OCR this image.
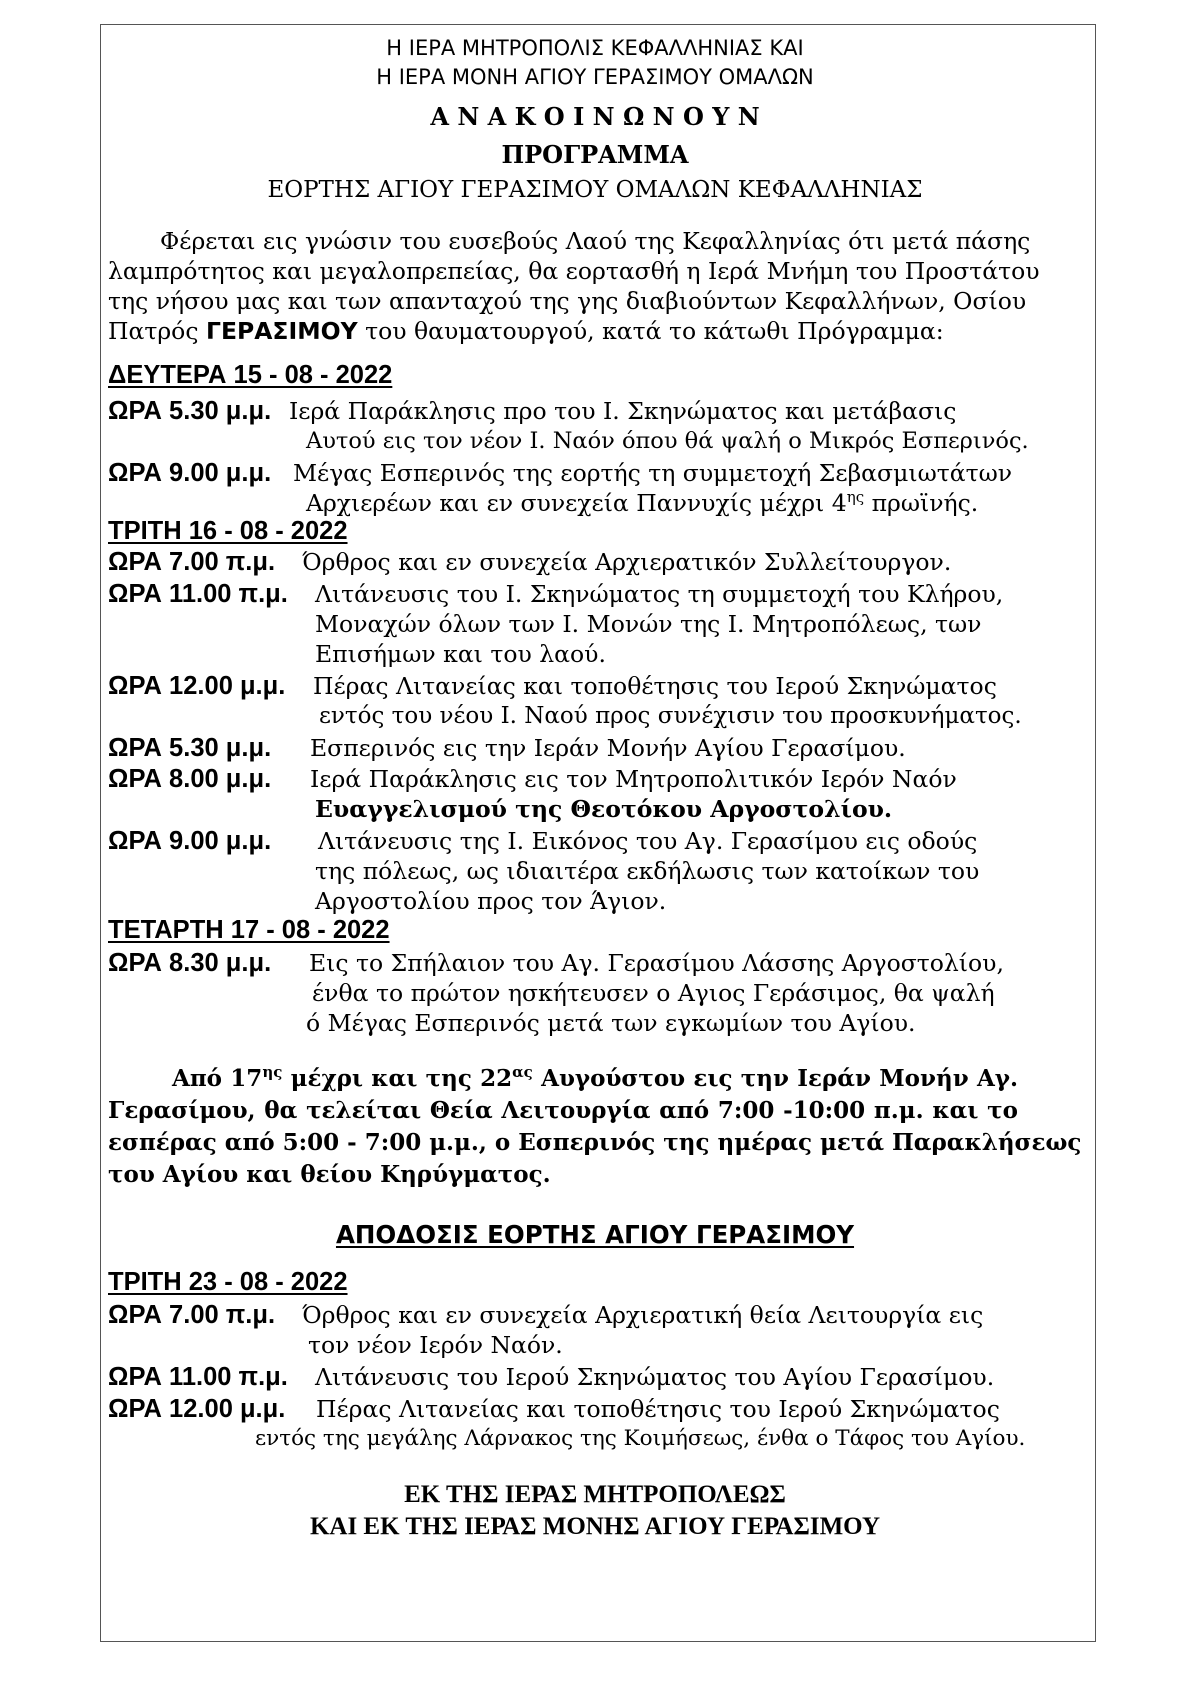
Η ΙΕΡΑ ΜΗΤΡΟΠΟΛΙΣ ΚΕΦΑΛΛΗΝΙΑΣ ΚΑΙ
Η ΙΕΡΑ ΜΟΝΗ ΑΓΙΟΥ ΓΕΡΑΣΙΜΟΥ ΟΜΑΛΩΝ
Α Ν Α Κ Ο Ι Ν Ω Ν Ο Υ Ν
ΠΡΟΓΡΑΜΜΑ
ΕΟΡΤΗΣ ΑΓΙΟΥ ΓΕΡΑΣΙΜΟΥ ΟΜΑΛΩΝ ΚΕΦΑΛΛΗΝΙΑΣ
Φέρεται εις γνώσιν του ευσεβούς Λαού της Κεφαλληνίας ότι μετά πάσης
λαμπρότητος και μεγαλοπρεπείας, θα εορτασθή η Ιερά Μνήμη του Προστάτου
της νήσου μας και των απανταχού της γης διαβιούντων Κεφαλλήνων, Οσίου
Πατρός ΓΕΡΑΣΙΜΟΥ του θαυματουργού, κατά το κάτωθι Πρόγραμμα:
ΔΕΥΤΕΡΑ 15 - 08 - 2022
ΩΡΑ 5.30 μ.μ. Ιερά Παράκλησις προ του Ι. Σκηνώματος και μετάβασις
Αυτού εις τον νέον Ι. Ναόν όπου θά ψαλή ο Μικρός Εσπερινός.
ΩΡΑ 9.00 μ.μ. Μέγας Εσπερινός της εορτής τη συμμετοχή Σεβασμιωτάτων
Αρχιερέων και εν συνεχεία Παννυχίς μέχρι $4^{\eta\varsigma}$ πρωϊνής.
ΤΡΙΤΗ 16 - 08 - 2022
ΩΡΑ 7.00 π.μ. Όρθρος και εν συνεχεία Αρχιερατικόν Συλλείτουργον.
ΩΡΑ 11.00 π.μ. Λιτάνευσις του Ι. Σκηνώματος τη συμμετοχή του Κλήρου,
Μοναχών όλων των Ι. Μονών της Ι. Μητροπόλεως, των
Επισήμων και του λαού.
ΩΡΑ 12.00 μ.μ. Πέρας Λιτανείας και τοποθέτησις του Ιερού Σκηνώματος
εντός του νέου Ι. Ναού προς συνέχισιν του προσκυνήματος.
ΩΡΑ 5.30 μ.μ. Εσπερινός εις την Ιεράν Μονήν Αγίου Γερασίμου.
ΩΡΑ 8.00 μ.μ. Ιερά Παράκλησις εις τον Μητροπολιτικόν Ιερόν Ναόν
Ευαγγελισμού της Θεοτόκου Αργοστολίου.
ΩΡΑ 9.00 μ.μ. Λιτάνευσις της Ι. Εικόνος του Αγ. Γερασίμου εις οδούς
της πόλεως, ως ιδιαιτέρα εκδήλωσις των κατοίκων του
Αργοστολίου προς τον Άγιον.
ΤΕΤΑΡΤΗ 17 - 08 - 2022
ΩΡΑ 8.30 μ.μ. Εις το Σπήλαιον του Αγ. Γερασίμου Λάσσης Αργοστολίου,
ένθα το πρώτον ησκήτευσεν ο Αγιος Γεράσιμος, θα ψαλή
ό Μέγας Εσπερινός μετά των εγκωμίων του Αγίου.
Από $17^{\eta\varsigma}$ μέχρι και της $22^{\alpha\varsigma}$ Αυγούστου εις την Ιεράν Μονήν Αγ.
Γερασίμου, θα τελείται Θεία Λειτουργία από 7:00 -10:00 π.μ. και το
εσπέρας από 5:00 - 7:00 μ.μ., ο Εσπερινός της ημέρας μετά Παρακλήσεως
του Αγίου και θείου Κηρύγματος.
ΑΠΟΔΟΣΙΣ ΕΟΡΤΗΣ ΑΓΙΟΥ ΓΕΡΑΣΙΜΟΥ
ΤΡΙΤΗ 23 - 08 - 2022
ΩΡΑ 7.00 π.μ. Όρθρος και εν συνεχεία Αρχιερατική θεία Λειτουργία εις
τον νέον Ιερόν Ναόν.
ΩΡΑ 11.00 π.μ. Λιτάνευσις του Ιερού Σκηνώματος του Αγίου Γερασίμου.
ΩΡΑ 12.00 μ.μ. Πέρας Λιτανείας και τοποθέτησις του Ιερού Σκηνώματος
εντός της μεγάλης Λάρνακος της Κοιμήσεως, ένθα ο Τάφος του Αγίου.
ΕΚ ΤΗΣ ΙΕΡΑΣ ΜΗΤΡΟΠΟΛΕΩΣ
ΚΑΙ ΕΚ ΤΗΣ ΙΕΡΑΣ ΜΟΝΗΣ ΑΓΙΟΥ ΓΕΡΑΣΙΜΟΥ
